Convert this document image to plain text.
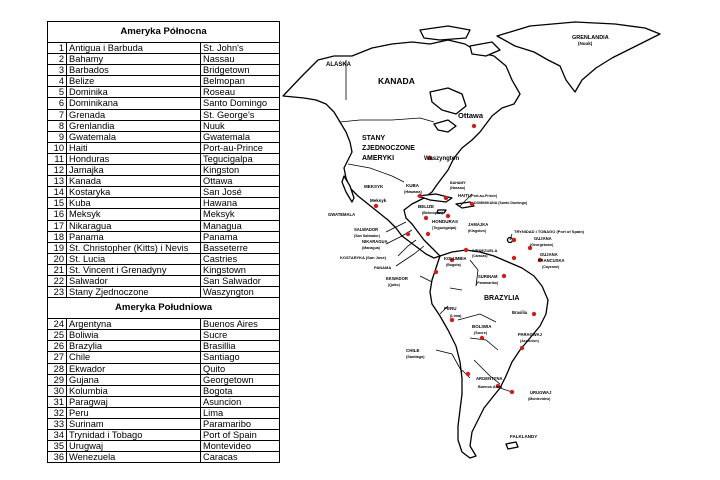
Ameryka Północna		
1	Antigua i Barbuda	St. John's
2	Bahamy	Nassau
3	Barbados	Bridgetown
4	Belize	Belmopan
5	Dominika	Roseau
6	Dominikana	Santo Domingo
7	Grenada	St. George's
8	Grenlandia	Nuuk
9	Gwatemala	Gwatemala
10	Haiti	Port-au-Prince
11	Honduras	Tegucigalpa
12	Jamajka	Kingston
13	Kanada	Ottawa
14	Kostaryka	San José
15	Kuba	Hawana
16	Meksyk	Meksyk
17	Nikaragua	Managua
18	Panama	Panama
19	St. Christopher (Kitts) i Nevis	Basseterre
20	St. Lucia	Castries
21	St. Vincent i Grenadyny	Kingstown
22	Salwador	San Salwador
23	Stany Zjednoczone	Waszyngton
Ameryka Południowa		
24	Argentyna	Buenos Aires
25	Boliwia	Sucre
26	Brazylia	Brasillia
27	Chile	Santiago
28	Ekwador	Quito
29	Gujana	Georgetown
30	Kolumbia	Bogota
31	Paragwaj	Asuncion
32	Peru	Lima
33	Surinam	Paramaribo
34	Trynidad i Tobago	Port of Spain
35	Urugwaj	Montevideo
36	Wenezuela	Caracas
GRENLANDIA
(Nuuk)
ALASKA
KANADA
Ottawa
STANY
ZJEDNOCZONE
AMERYKI	Waszyngton
MEKSYK
Meksyk
KUBA
(Hawana)
BAHAMY
(Nassau)
HAITI (Port-au-Prince)
DOMINIKANA (Santo Domingo)
GWATEMALA
BELIZE
(Belmopan)
SALWADOR
(San Salwador)
HONDURAS
(Tegucigalpa)
JAMAJKA
(Kingston)
NIKARAGUA
(Managua)
KOSTARYKA (San José)
PANAMA
TRYNIDAD I TOBAGO (Port of Spain)
GUJANA
(Georgetown)
GUJANA
FRANCUSKA
(Cayenne)
WENEZUELA
(Caracas)
KOLUMBIA
(Bogota)
SURINAM
(Paramaribo)
EKWADOR
(Quito)
BRAZYLIA
Brasilia
PERU
(Lima)
BOLIWIA
(Sucre)	PARAGWAJ
(Asuncion)
CHILE
(Santiago)
ARGENTYNA
Buenos Aires
URUGWAJ
(Montevideo)
FALKLANDY
